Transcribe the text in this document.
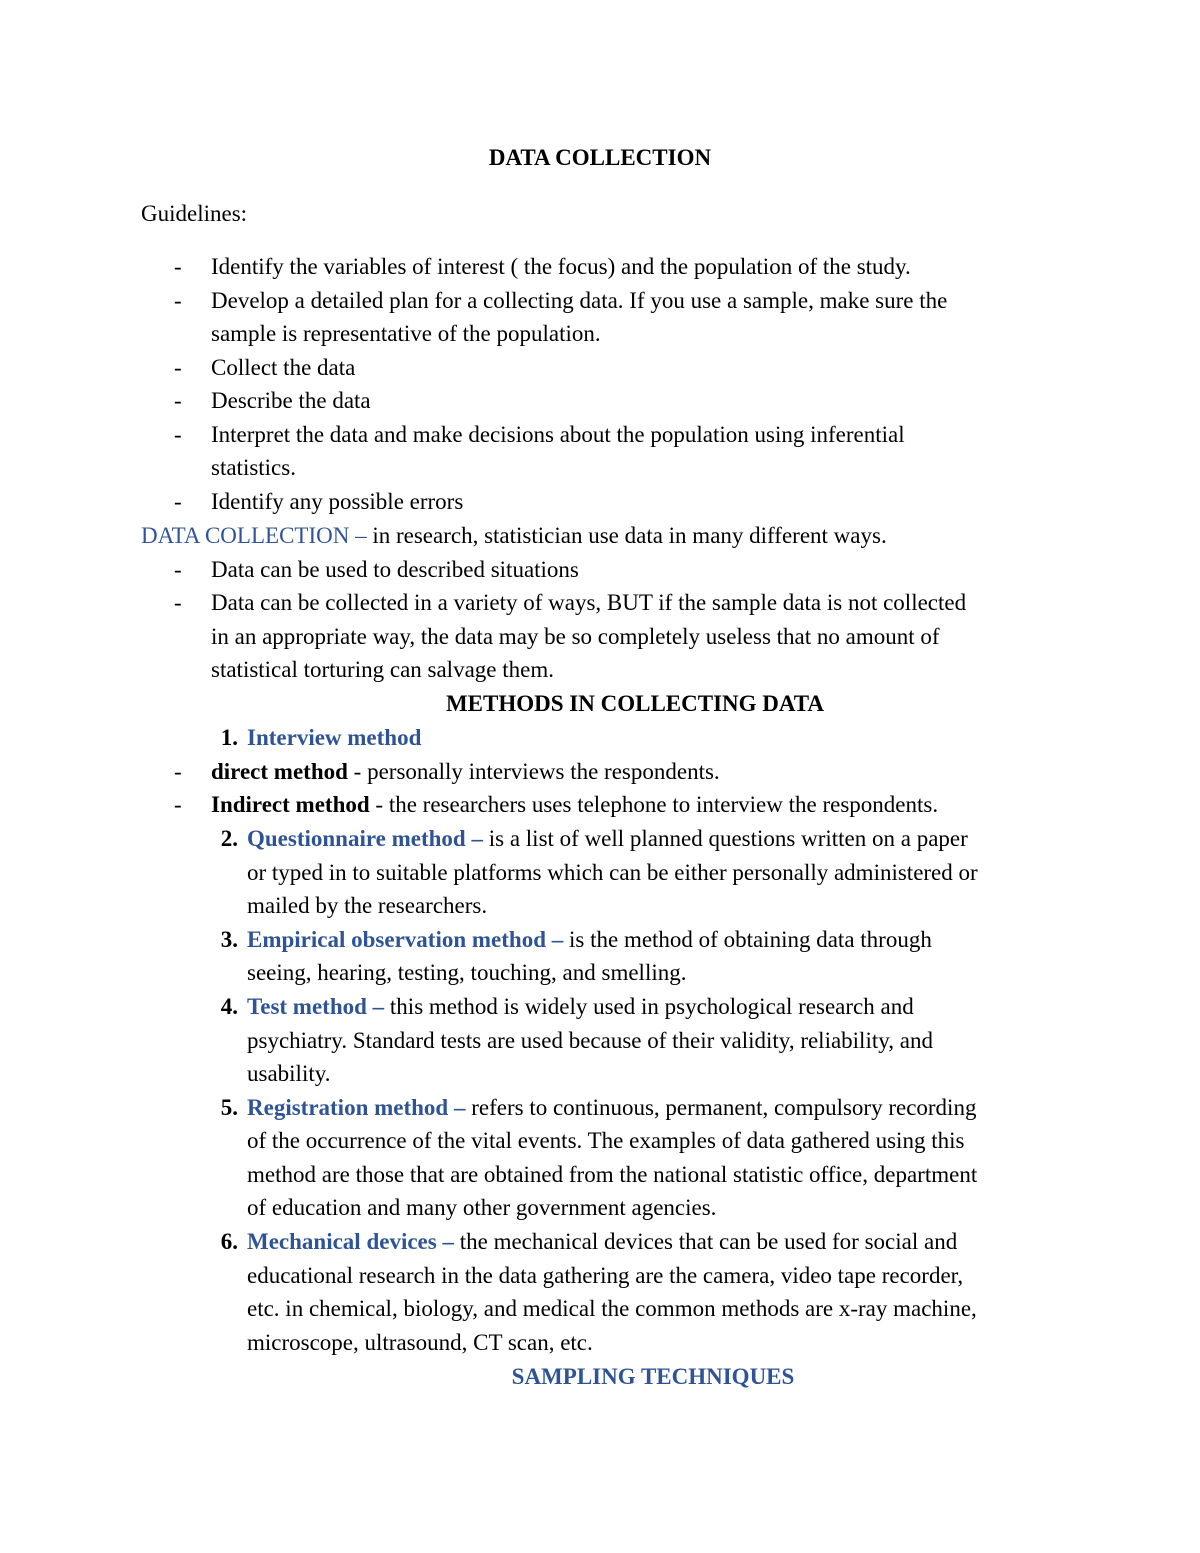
DATA COLLECTION
Guidelines:
- Identify the variables of interest ( the focus) and the population of the study.
- Develop a detailed plan for a collecting data. If you use a sample, make sure the
sample is representative of the population.
- Collect the data
- Describe the data
- Interpret the data and make decisions about the population using inferential
statistics.
- Identify any possible errors
DATA COLLECTION – in research, statistician use data in many different ways.
- Data can be used to described situations
- Data can be collected in a variety of ways, BUT if the sample data is not collected
in an appropriate way, the data may be so completely useless that no amount of
statistical torturing can salvage them.
METHODS IN COLLECTING DATA
1. Interview method
- direct method - personally interviews the respondents.
- Indirect method - the researchers uses telephone to interview the respondents.
2. Questionnaire method – is a list of well planned questions written on a paper
or typed in to suitable platforms which can be either personally administered or
mailed by the researchers.
3. Empirical observation method – is the method of obtaining data through
seeing, hearing, testing, touching, and smelling.
4. Test method – this method is widely used in psychological research and
psychiatry. Standard tests are used because of their validity, reliability, and
usability.
5. Registration method – refers to continuous, permanent, compulsory recording
of the occurrence of the vital events. The examples of data gathered using this
method are those that are obtained from the national statistic office, department
of education and many other government agencies.
6. Mechanical devices – the mechanical devices that can be used for social and
educational research in the data gathering are the camera, video tape recorder,
etc. in chemical, biology, and medical the common methods are x-ray machine,
microscope, ultrasound, CT scan, etc.
SAMPLING TECHNIQUES
